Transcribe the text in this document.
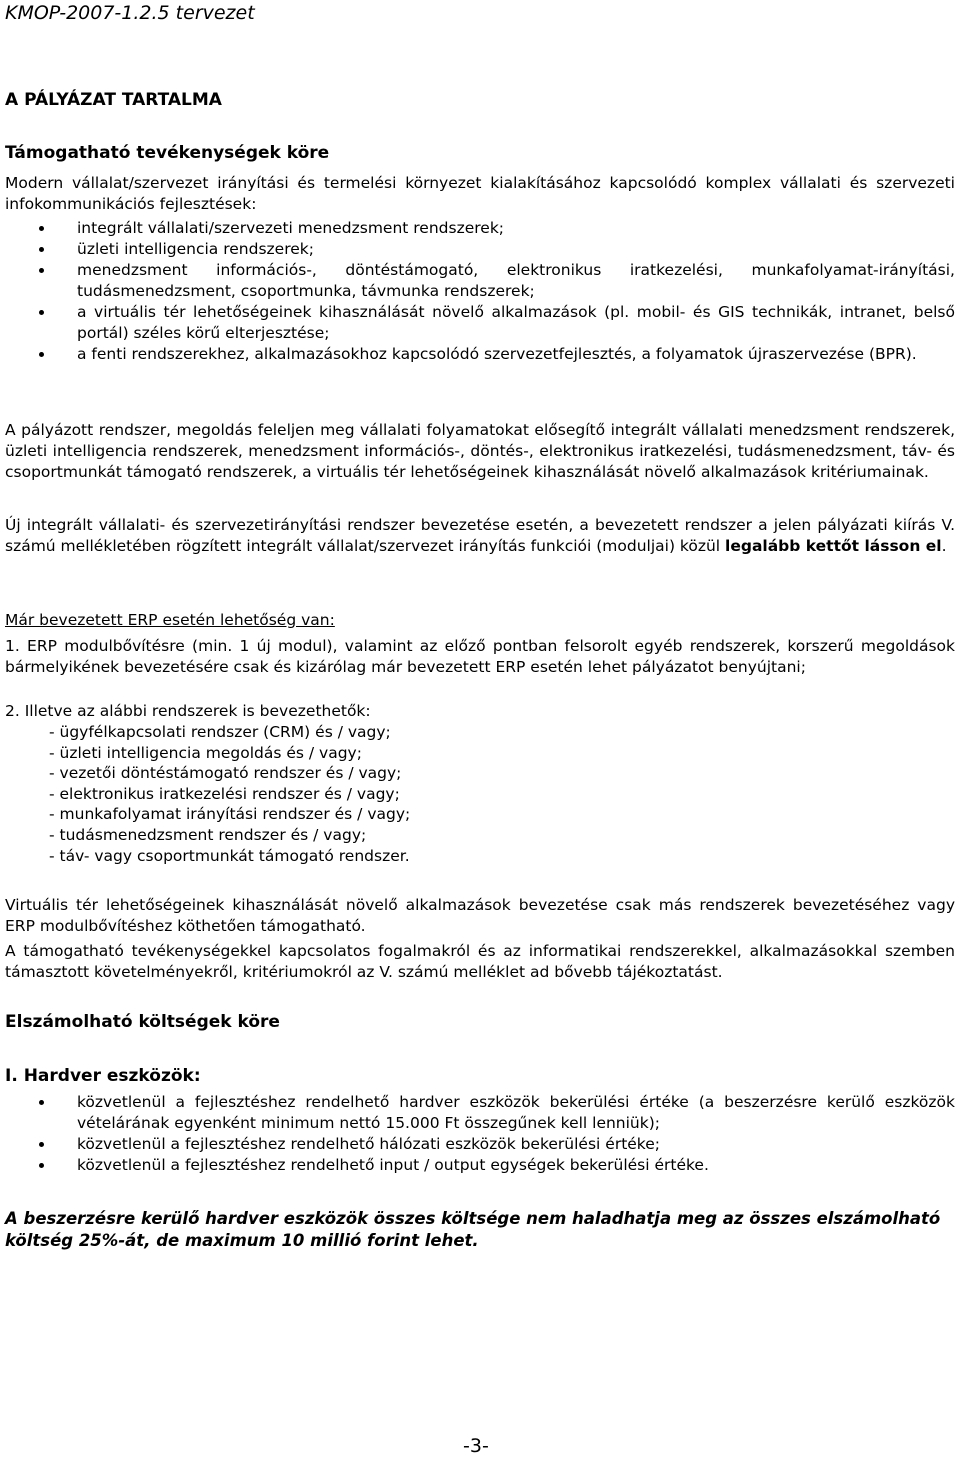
KMOP-2007-1.2.5 tervezet
A PÁLYÁZAT TARTALMA
Támogatható tevékenységek köre
Modern vállalat/szervezet irányítási és termelési környezet kialakításához kapcsolódó komplex vállalati és szervezeti infokommunikációs fejlesztések:
integrált vállalati/szervezeti menedzsment rendszerek;
üzleti intelligencia rendszerek;
menedzsment információs-, döntéstámogató, elektronikus iratkezelési, munkafolyamat-irányítási, tudásmenedzsment, csoportmunka, távmunka rendszerek;
a virtuális tér lehetőségeinek kihasználását növelő alkalmazások (pl. mobil- és GIS technikák, intranet, belső portál) széles körű elterjesztése;
a fenti rendszerekhez, alkalmazásokhoz kapcsolódó szervezetfejlesztés, a folyamatok újraszervezése (BPR).
A pályázott rendszer, megoldás feleljen meg vállalati folyamatokat elősegítő integrált vállalati menedzsment rendszerek, üzleti intelligencia rendszerek, menedzsment információs-, döntés-, elektronikus iratkezelési, tudásmenedzsment, táv- és csoportmunkát támogató rendszerek, a virtuális tér lehetőségeinek kihasználását növelő alkalmazások kritériumainak.
Új integrált vállalati- és szervezetirányítási rendszer bevezetése esetén, a bevezetett rendszer a jelen pályázati kiírás V. számú mellékletében rögzített integrált vállalat/szervezet irányítás funkciói (moduljai) közül legalább kettőt lásson el.
Már bevezetett ERP esetén lehetőség van:
1. ERP modulbővítésre (min. 1 új modul), valamint az előző pontban felsorolt egyéb rendszerek, korszerű megoldások bármelyikének bevezetésére csak és kizárólag már bevezetett ERP esetén lehet pályázatot benyújtani;
2. Illetve az alábbi rendszerek is bevezethetők:
- ügyfélkapcsolati rendszer (CRM) és / vagy;
- üzleti intelligencia megoldás és / vagy;
- vezetői döntéstámogató rendszer és / vagy;
- elektronikus iratkezelési rendszer és / vagy;
- munkafolyamat irányítási rendszer és / vagy;
- tudásmenedzsment rendszer és / vagy;
- táv- vagy csoportmunkát támogató rendszer.
Virtuális tér lehetőségeinek kihasználását növelő alkalmazások bevezetése csak más rendszerek bevezetéséhez vagy ERP modulbővítéshez köthetően támogatható.
A támogatható tevékenységekkel kapcsolatos fogalmakról és az informatikai rendszerekkel, alkalmazásokkal szemben támasztott követelményekről, kritériumokról az V. számú melléklet ad bővebb tájékoztatást.
Elszámolható költségek köre
I. Hardver eszközök:
közvetlenül a fejlesztéshez rendelhető hardver eszközök bekerülési értéke (a beszerzésre kerülő eszközök vételárának egyenként minimum nettó 15.000 Ft összegűnek kell lenniük);
közvetlenül a fejlesztéshez rendelhető hálózati eszközök bekerülési értéke;
közvetlenül a fejlesztéshez rendelhető input / output egységek bekerülési értéke.
A beszerzésre kerülő hardver eszközök összes költsége nem haladhatja meg az összes elszámolható költség 25%-át, de maximum 10 millió forint lehet.
-3-
